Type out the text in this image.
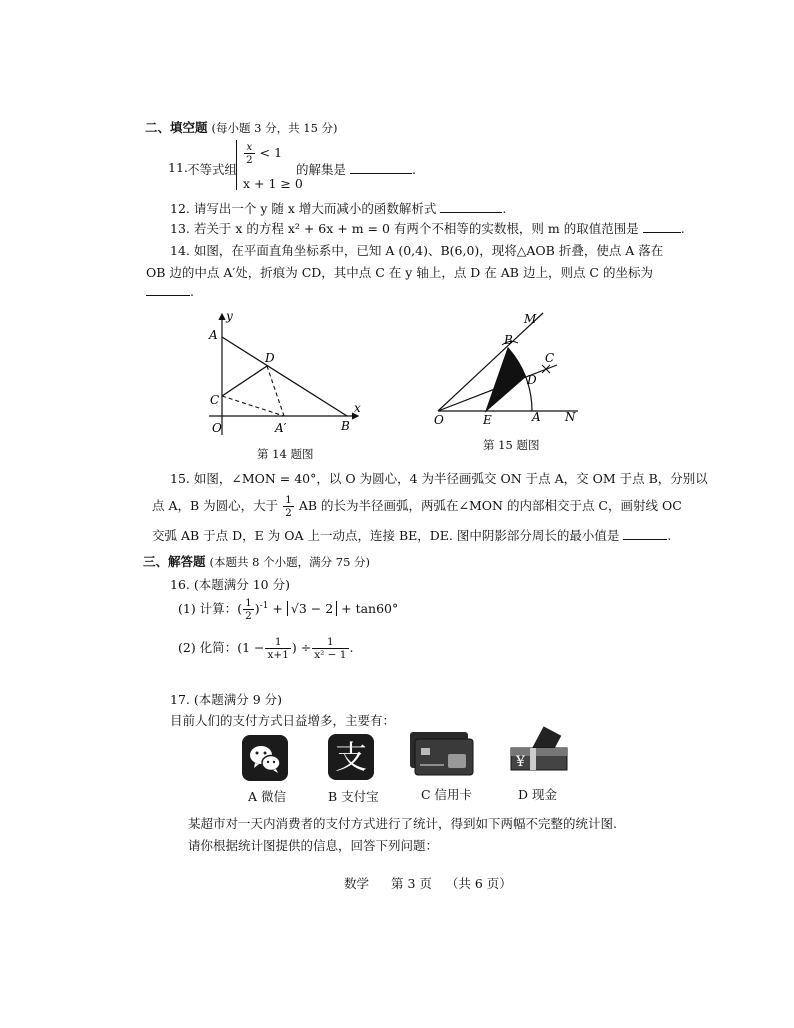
二、填空题 (每小题 3 分，共 15 分)
11. 不等式组
$\frac{x}{2} < 1$
x + 1 ≥ 0
的解集是	.
12. 请写出一个 y 随 x 增大而减小的函数解析式	.
13. 若关于 x 的方程 x² + 6x + m = 0 有两个不相等的实数根，则 m 的取值范围是	.
14. 如图，在平面直角坐标系中，已知 A (0,4)、B(6,0)，现将△AOB 折叠，使点 A 落在
OB 边的中点 A′处，折痕为 CD，其中点 C 在 y 轴上，点 D 在 AB 边上，则点 C 的坐标为
.
A
y
D
C
O	A′	B
x
第 14 题图
M
B
C
D
O	E	A N
第 15 题图
15. 如图，∠MON = 40°，以 O 为圆心，4 为半径画弧交 ON 于点 A，交 OM 于点 B，分别以
点 A，B 为圆心，大于 $\frac{1}{2}$ AB 的长为半径画弧，两弧在∠MON 的内部相交于点 C，画射线 OC
交弧 AB 于点 D，E 为 OA 上一动点，连接 BE，DE. 图中阴影部分周长的最小值是	.
三、解答题 (本题共 8 个小题，满分 75 分)
16. (本题满分 10 分)
(1) 计算：( $\frac{1}{2} )^{-1} + √3 - 2 + \tan 60^\circ$
(2) 化简：($1 - \frac{1}{x+1}$ ) ÷ $\frac{1}{\text{x² − 1}}$ .
17. (本题满分 9 分)
目前人们的支付方式日益增多，主要有：
支	¥
A 微信	B 支付宝	C 信用卡	D 现金
某超市对一天内消费者的支付方式进行了统计，得到如下两幅不完整的统计图.
请你根据统计图提供的信息，回答下列问题：
数学 第 3 页 （共 6 页）
